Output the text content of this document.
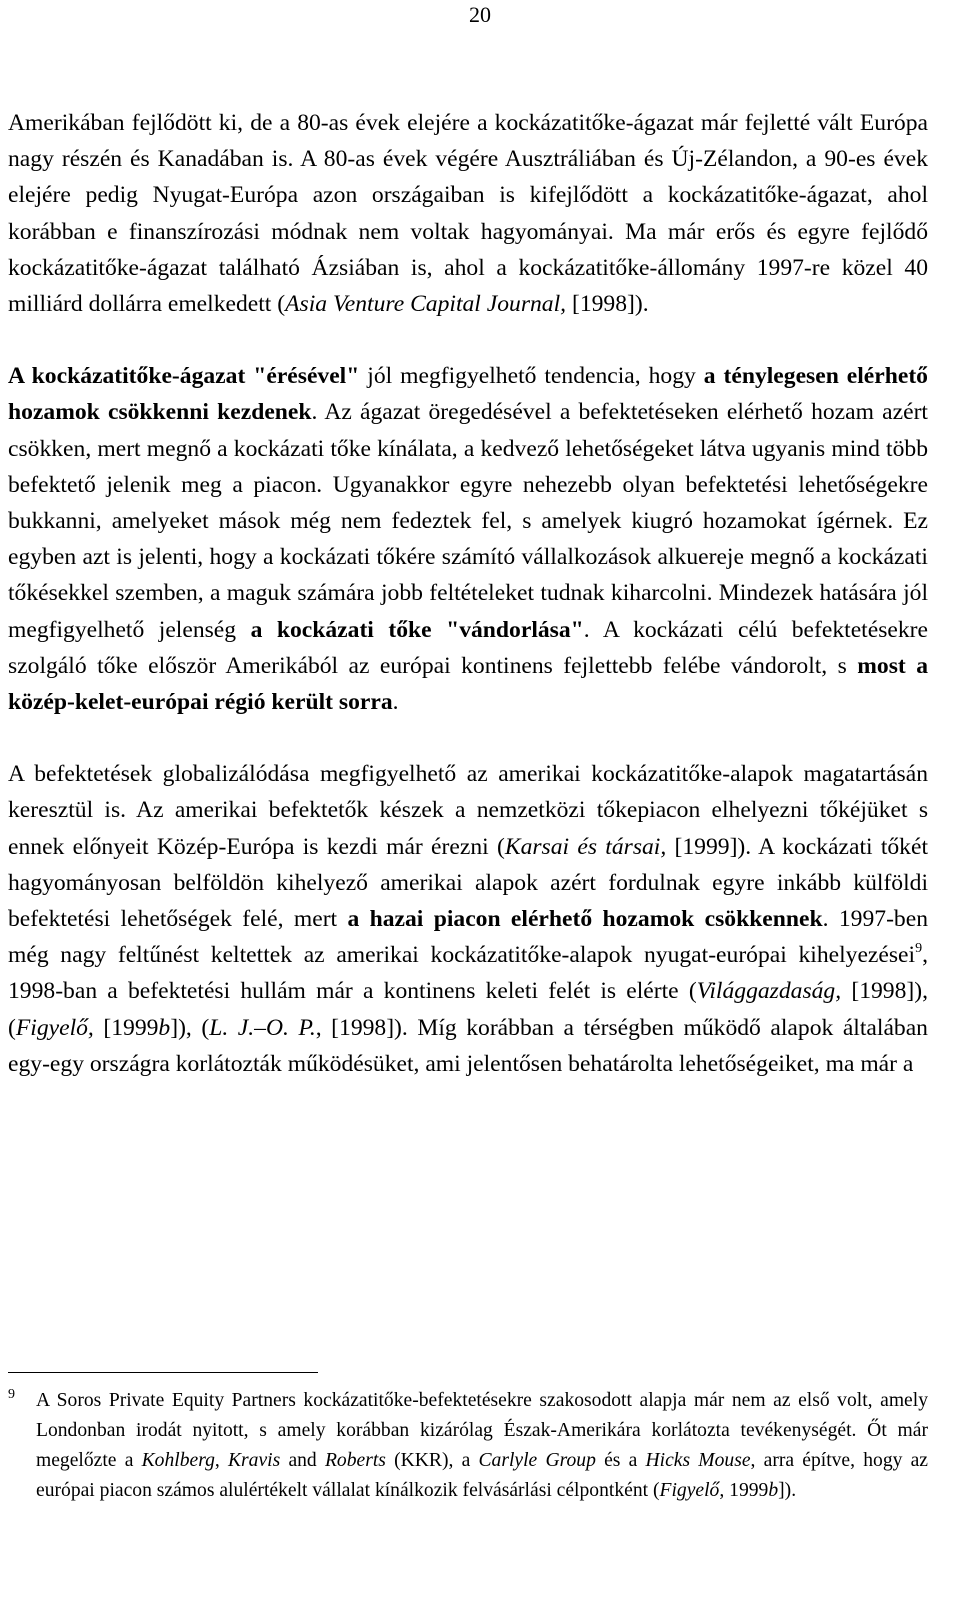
20

Amerikában fejlődött ki, de a 80-as évek elejére a kockázatitőke-ágazat már fejletté vált Európa nagy részén és Kanadában is. A 80-as évek végére Ausztráliában és Új-Zélandon, a 90-es évek elejére pedig Nyugat-Európa azon országaiban is kifejlődött a kockázatitőke-ágazat, ahol korábban e finanszírozási módnak nem voltak hagyományai. Ma már erős és egyre fejlődő kockázatitőke-ágazat található Ázsiában is, ahol a kockázatitőke-állomány 1997-re közel 40 milliárd dollárra emelkedett (Asia Venture Capital Journal, [1998]).

A kockázatitőke-ágazat "érésével" jól megfigyelhető tendencia, hogy a ténylegesen elérhető hozamok csökkenni kezdenek. Az ágazat öregedésével a befektetéseken elérhető hozam azért csökken, mert megnő a kockázati tőke kínálata, a kedvező lehetőségeket látva ugyanis mind több befektető jelenik meg a piacon. Ugyanakkor egyre nehezebb olyan befektetési lehetőségekre bukkanni, amelyeket mások még nem fedeztek fel, s amelyek kiugró hozamokat ígérnek. Ez egyben azt is jelenti, hogy a kockázati tőkére számító vállalkozások alkuereje megnő a kockázati tőkésekkel szemben, a maguk számára jobb feltételeket tudnak kiharcolni. Mindezek hatására jól megfigyelhető jelenség a kockázati tőke "vándorlása". A kockázati célú befektetésekre szolgáló tőke először Amerikából az európai kontinens fejlettebb felébe vándorolt, s most a közép-kelet-európai régió került sorra.

A befektetések globalizálódása megfigyelhető az amerikai kockázatitőke-alapok magatartásán keresztül is. Az amerikai befektetők készek a nemzetközi tőkepiacon elhelyezni tőkéjüket s ennek előnyeit Közép-Európa is kezdi már érezni (Karsai és társai, [1999]). A kockázati tőkét hagyományosan belföldön kihelyező amerikai alapok azért fordulnak egyre inkább külföldi befektetési lehetőségek felé, mert a hazai piacon elérhető hozamok csökkennek. 1997-ben még nagy feltűnést keltettek az amerikai kockázatitőke-alapok nyugat-európai kihelyezései$^9$, 1998-ban a befektetési hullám már a kontinens keleti felét is elérte (Világgazdaság, [1998]), (Figyelő, [1999b]), (L. J.–O. P., [1998]). Míg korábban a térségben működő alapok általában egy-egy országra korlátozták működésüket, ami jelentősen behatárolta lehetőségeiket, ma már a

9 A Soros Private Equity Partners kockázatitőke-befektetésekre szakosodott alapja már nem az első volt, amely Londonban irodát nyitott, s amely korábban kizárólag Észak-Amerikára korlátozta tevékenységét. Őt már megelőzte a Kohlberg, Kravis and Roberts (KKR), a Carlyle Group és a Hicks Mouse, arra építve, hogy az európai piacon számos alulértékelt vállalat kínálkozik felvásárlási célpontként (Figyelő, 1999b]).
